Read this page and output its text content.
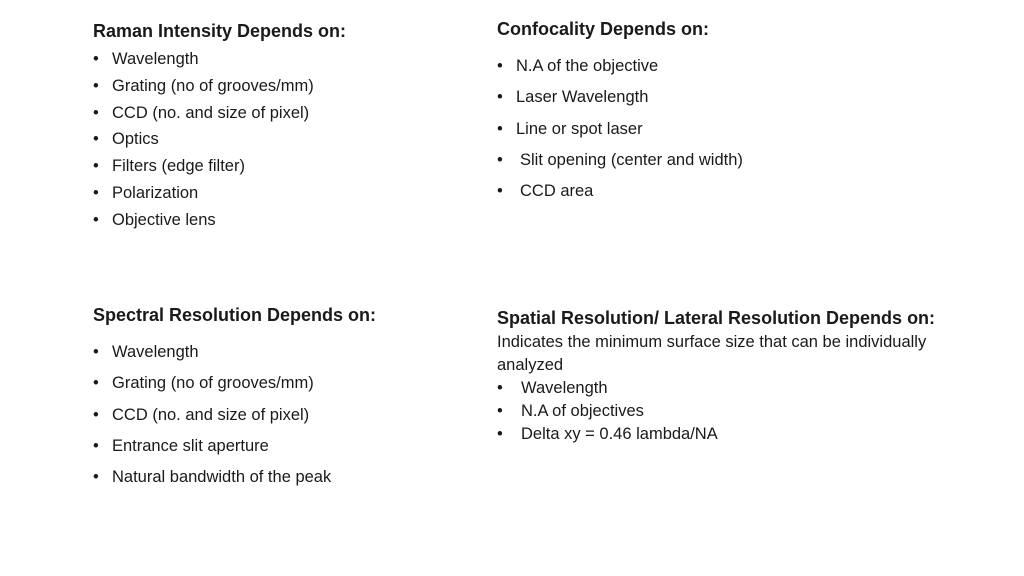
Raman Intensity Depends on:

• Wavelength
• Grating (no of grooves/mm)
• CCD (no. and size of pixel)
• Optics
• Filters (edge filter)
• Polarization
• Objective lens

Confocality Depends on:

• N.A of the objective
• Laser Wavelength
• Line or spot laser
• Slit opening (center and width)
• CCD area

Spectral Resolution Depends on:

• Wavelength
• Grating (no of grooves/mm)
• CCD (no. and size of pixel)
• Entrance slit aperture
• Natural bandwidth of the peak

Spatial Resolution/ Lateral Resolution Depends on:

Indicates the minimum surface size that can be individually analyzed

• Wavelength
• N.A of objectives
• Delta xy = 0.46 lambda/NA
